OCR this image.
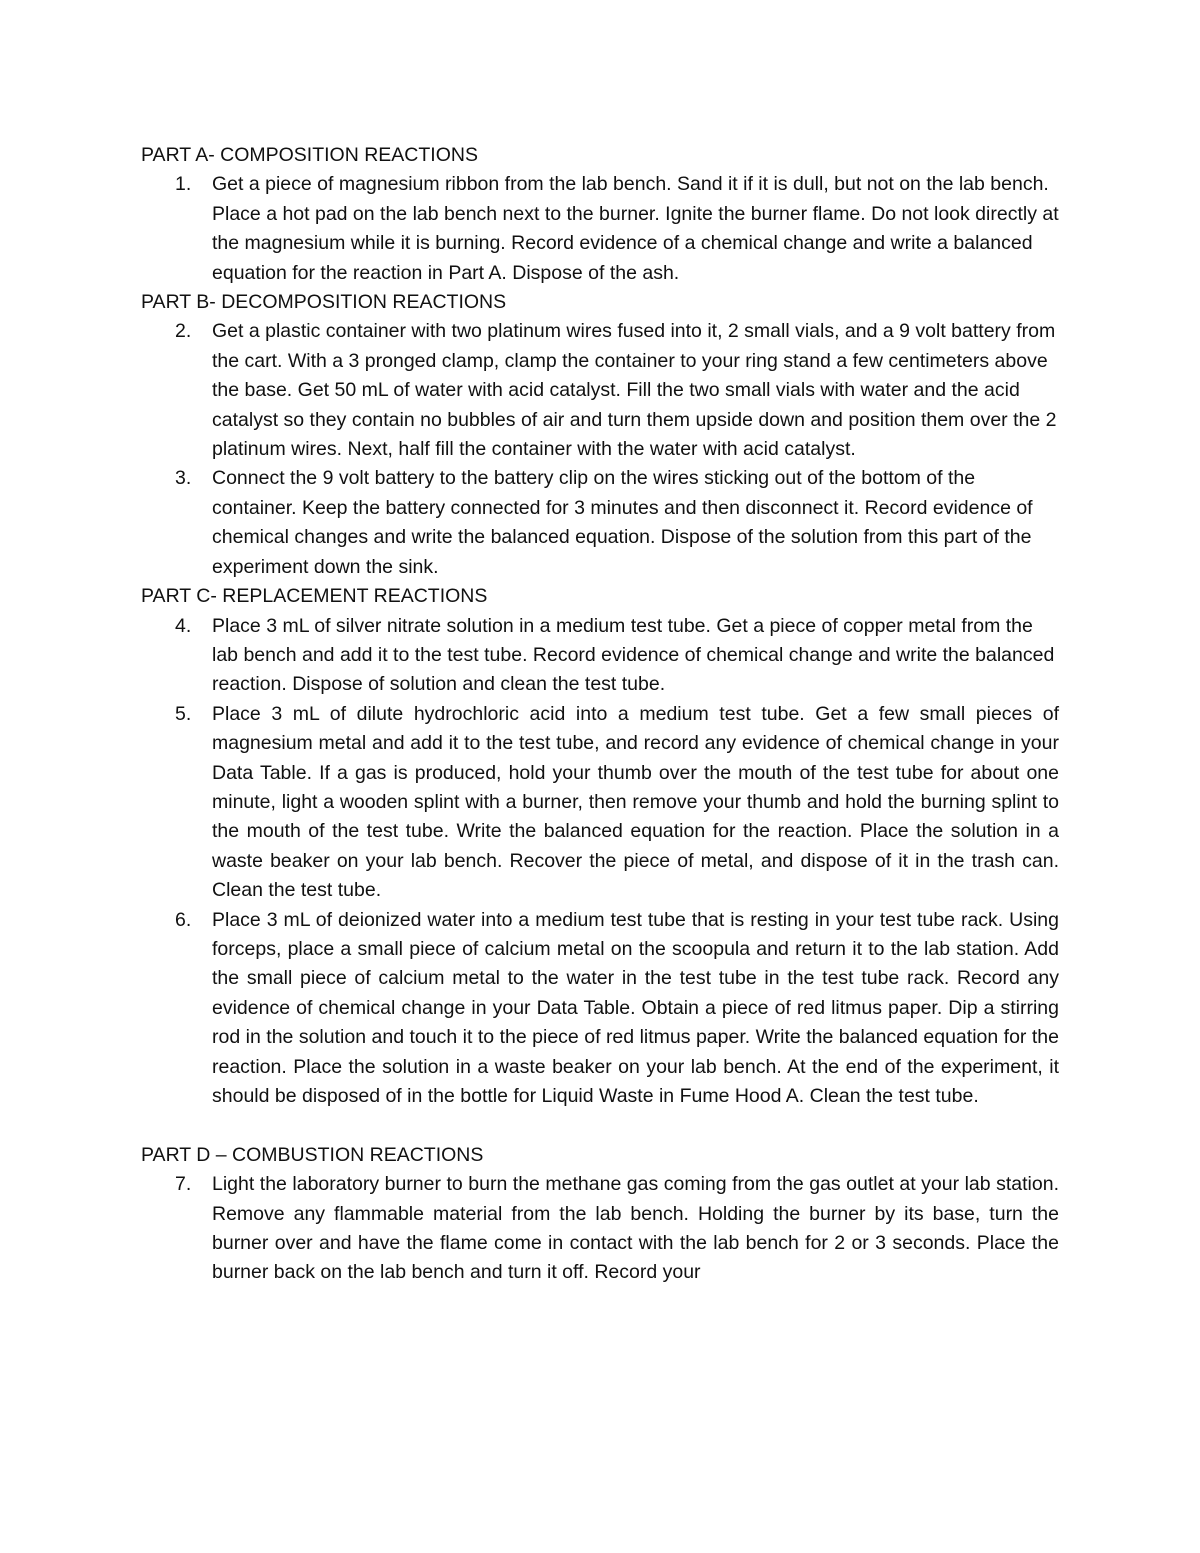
PART A- COMPOSITION REACTIONS

1. Get a piece of magnesium ribbon from the lab bench. Sand it if it is dull, but not on the lab bench. Place a hot pad on the lab bench next to the burner. Ignite the burner flame. Do not look directly at the magnesium while it is burning. Record evidence of a chemical change and write a balanced equation for the reaction in Part A. Dispose of the ash.

PART B- DECOMPOSITION REACTIONS

2. Get a plastic container with two platinum wires fused into it, 2 small vials, and a 9 volt battery from the cart. With a 3 pronged clamp, clamp the container to your ring stand a few centimeters above the base. Get 50 mL of water with acid catalyst. Fill the two small vials with water and the acid catalyst so they contain no bubbles of air and turn them upside down and position them over the 2 platinum wires. Next, half fill the container with the water with acid catalyst.
3. Connect the 9 volt battery to the battery clip on the wires sticking out of the bottom of the container. Keep the battery connected for 3 minutes and then disconnect it. Record evidence of chemical changes and write the balanced equation. Dispose of the solution from this part of the experiment down the sink.

PART C- REPLACEMENT REACTIONS

4. Place 3 mL of silver nitrate solution in a medium test tube. Get a piece of copper metal from the lab bench and add it to the test tube. Record evidence of chemical change and write the balanced reaction. Dispose of solution and clean the test tube.
5. Place 3 mL of dilute hydrochloric acid into a medium test tube. Get a few small pieces of magnesium metal and add it to the test tube, and record any evidence of chemical change in your Data Table. If a gas is produced, hold your thumb over the mouth of the test tube for about one minute, light a wooden splint with a burner, then remove your thumb and hold the burning splint to the mouth of the test tube. Write the balanced equation for the reaction. Place the solution in a waste beaker on your lab bench. Recover the piece of metal, and dispose of it in the trash can. Clean the test tube.
6. Place 3 mL of deionized water into a medium test tube that is resting in your test tube rack. Using forceps, place a small piece of calcium metal on the scoopula and return it to the lab station. Add the small piece of calcium metal to the water in the test tube in the test tube rack. Record any evidence of chemical change in your Data Table. Obtain a piece of red litmus paper. Dip a stirring rod in the solution and touch it to the piece of red litmus paper. Write the balanced equation for the reaction. Place the solution in a waste beaker on your lab bench. At the end of the experiment, it should be disposed of in the bottle for Liquid Waste in Fume Hood A. Clean the test tube.

PART D – COMBUSTION REACTIONS

7. Light the laboratory burner to burn the methane gas coming from the gas outlet at your lab station. Remove any flammable material from the lab bench. Holding the burner by its base, turn the burner over and have the flame come in contact with the lab bench for 2 or 3 seconds. Place the burner back on the lab bench and turn it off. Record your
